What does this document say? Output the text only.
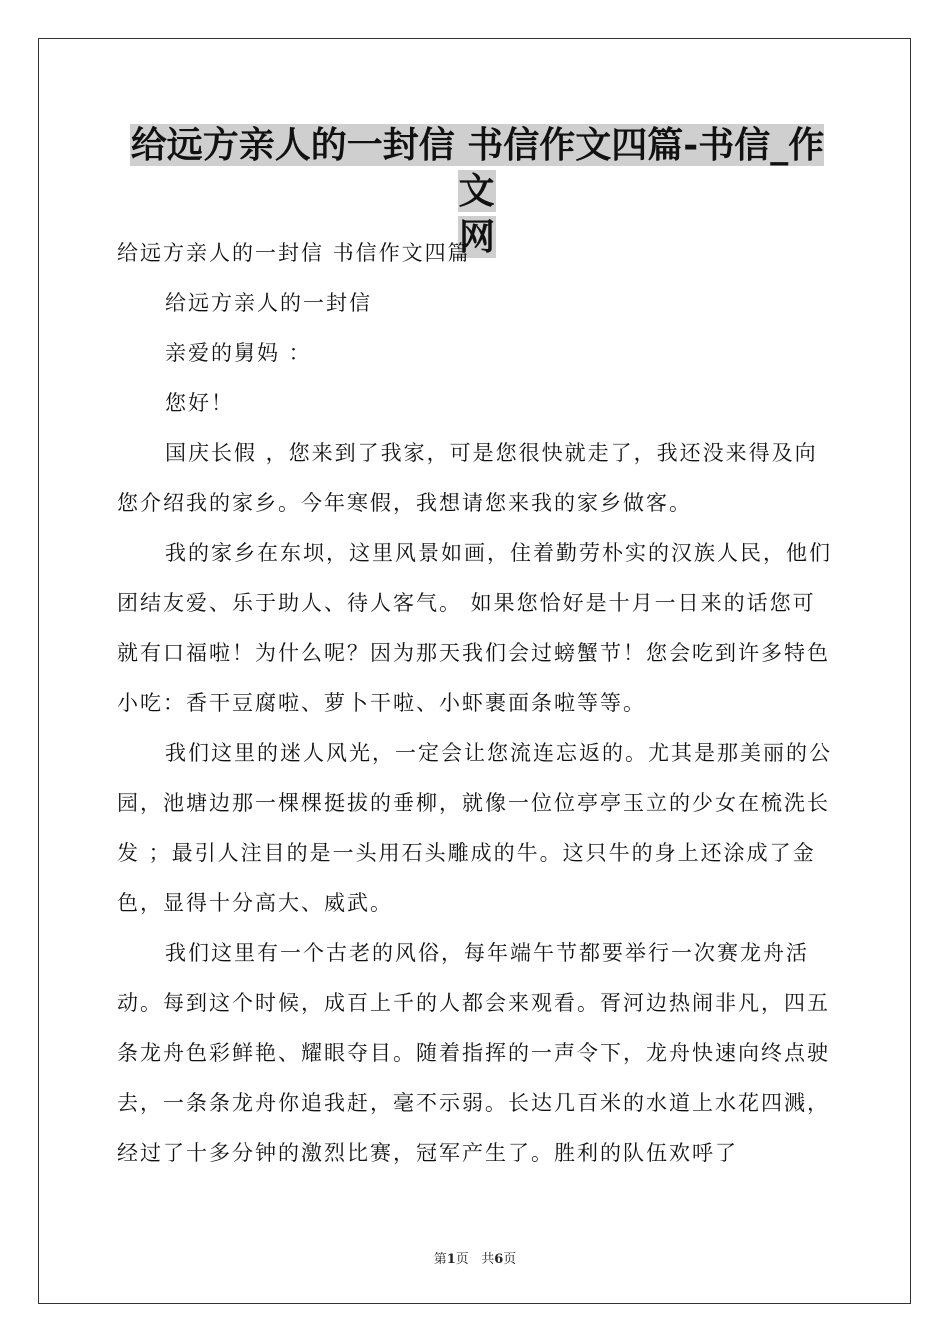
给远方亲人的一封信 书信作文四篇-书信_作文
网

给远方亲人的一封信 书信作文四篇

给远方亲人的一封信

亲爱的舅妈 ：

您好！

国庆长假 ，您来到了我家，可是您很快就走了，我还没来得及向您介绍我的家乡。今年寒假，我想请您来我的家乡做客。

我的家乡在东坝，这里风景如画，住着勤劳朴实的汉族人民，他们团结友爱、乐于助人、待人客气。 如果您恰好是十月一日来的话您可就有口福啦！为什么呢？因为那天我们会过螃蟹节！您会吃到许多特色小吃：香干豆腐啦、萝卜干啦、小虾裹面条啦等等。

我们这里的迷人风光，一定会让您流连忘返的。尤其是那美丽的公园，池塘边那一棵棵挺拔的垂柳，就像一位位亭亭玉立的少女在梳洗长发 ；最引人注目的是一头用石头雕成的牛。这只牛的身上还涂成了金色，显得十分高大、威武。

我们这里有一个古老的风俗，每年端午节都要举行一次赛龙舟活动。每到这个时候，成百上千的人都会来观看。胥河边热闹非凡，四五条龙舟色彩鲜艳、耀眼夺目。随着指挥的一声令下，龙舟快速向终点驶去，一条条龙舟你追我赶，毫不示弱。长达几百米的水道上水花四溅，经过了十多分钟的激烈比赛，冠军产生了。胜利的队伍欢呼了

第1页 共6页
